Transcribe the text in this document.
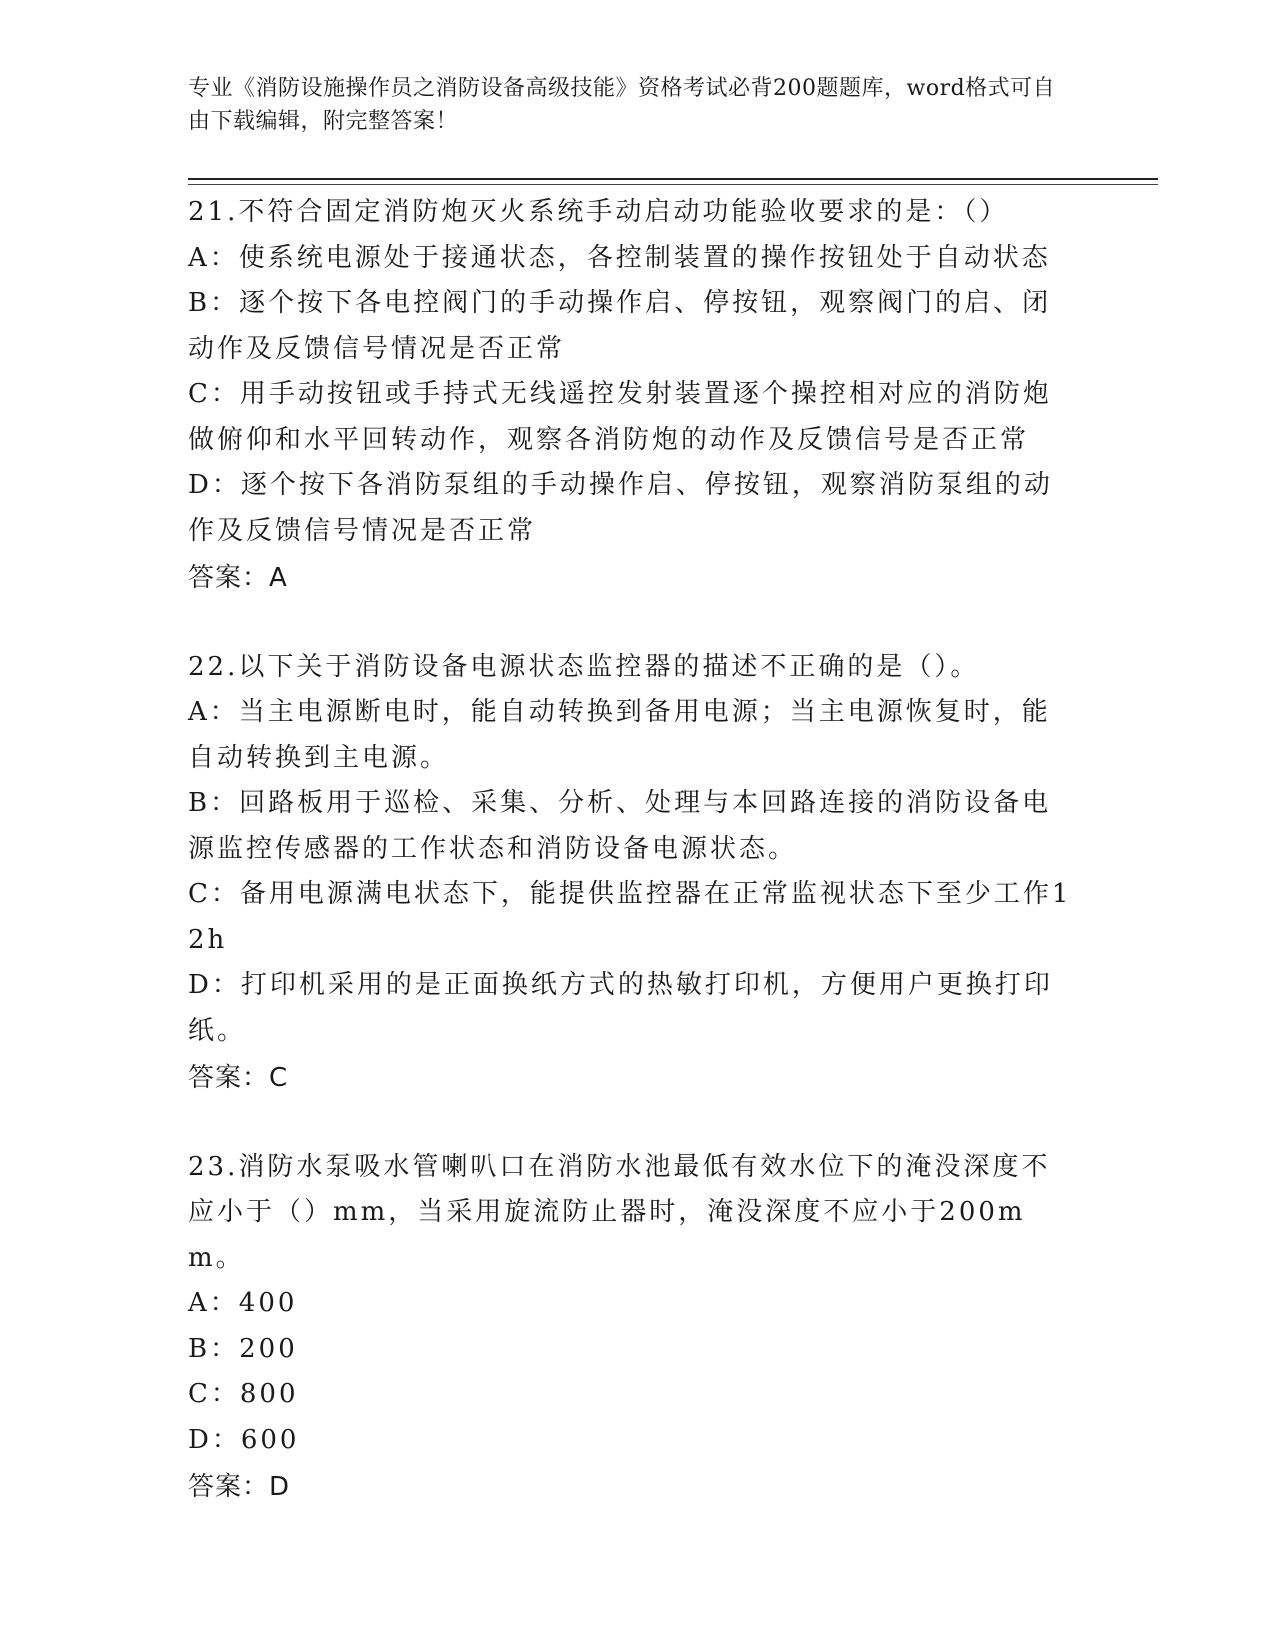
专业《消防设施操作员之消防设备高级技能》资格考试必背200题题库，word格式可自由下载编辑，附完整答案！
21.不符合固定消防炮灭火系统手动启动功能验收要求的是：（）
A：使系统电源处于接通状态，各控制装置的操作按钮处于自动状态
B：逐个按下各电控阀门的手动操作启、停按钮，观察阀门的启、闭动作及反馈信号情况是否正常
C：用手动按钮或手持式无线遥控发射装置逐个操控相对应的消防炮做俯仰和水平回转动作，观察各消防炮的动作及反馈信号是否正常
D：逐个按下各消防泵组的手动操作启、停按钮，观察消防泵组的动作及反馈信号情况是否正常
答案：A
22.以下关于消防设备电源状态监控器的描述不正确的是（）。
A：当主电源断电时，能自动转换到备用电源；当主电源恢复时，能自动转换到主电源。
B：回路板用于巡检、采集、分析、处理与本回路连接的消防设备电源监控传感器的工作状态和消防设备电源状态。
C：备用电源满电状态下，能提供监控器在正常监视状态下至少工作12h
D：打印机采用的是正面换纸方式的热敏打印机，方便用户更换打印纸。
答案：C
23.消防水泵吸水管喇叭口在消防水池最低有效水位下的淹没深度不应小于（）mm，当采用旋流防止器时，淹没深度不应小于200mm。
A：400
B：200
C：800
D：600
答案：D
